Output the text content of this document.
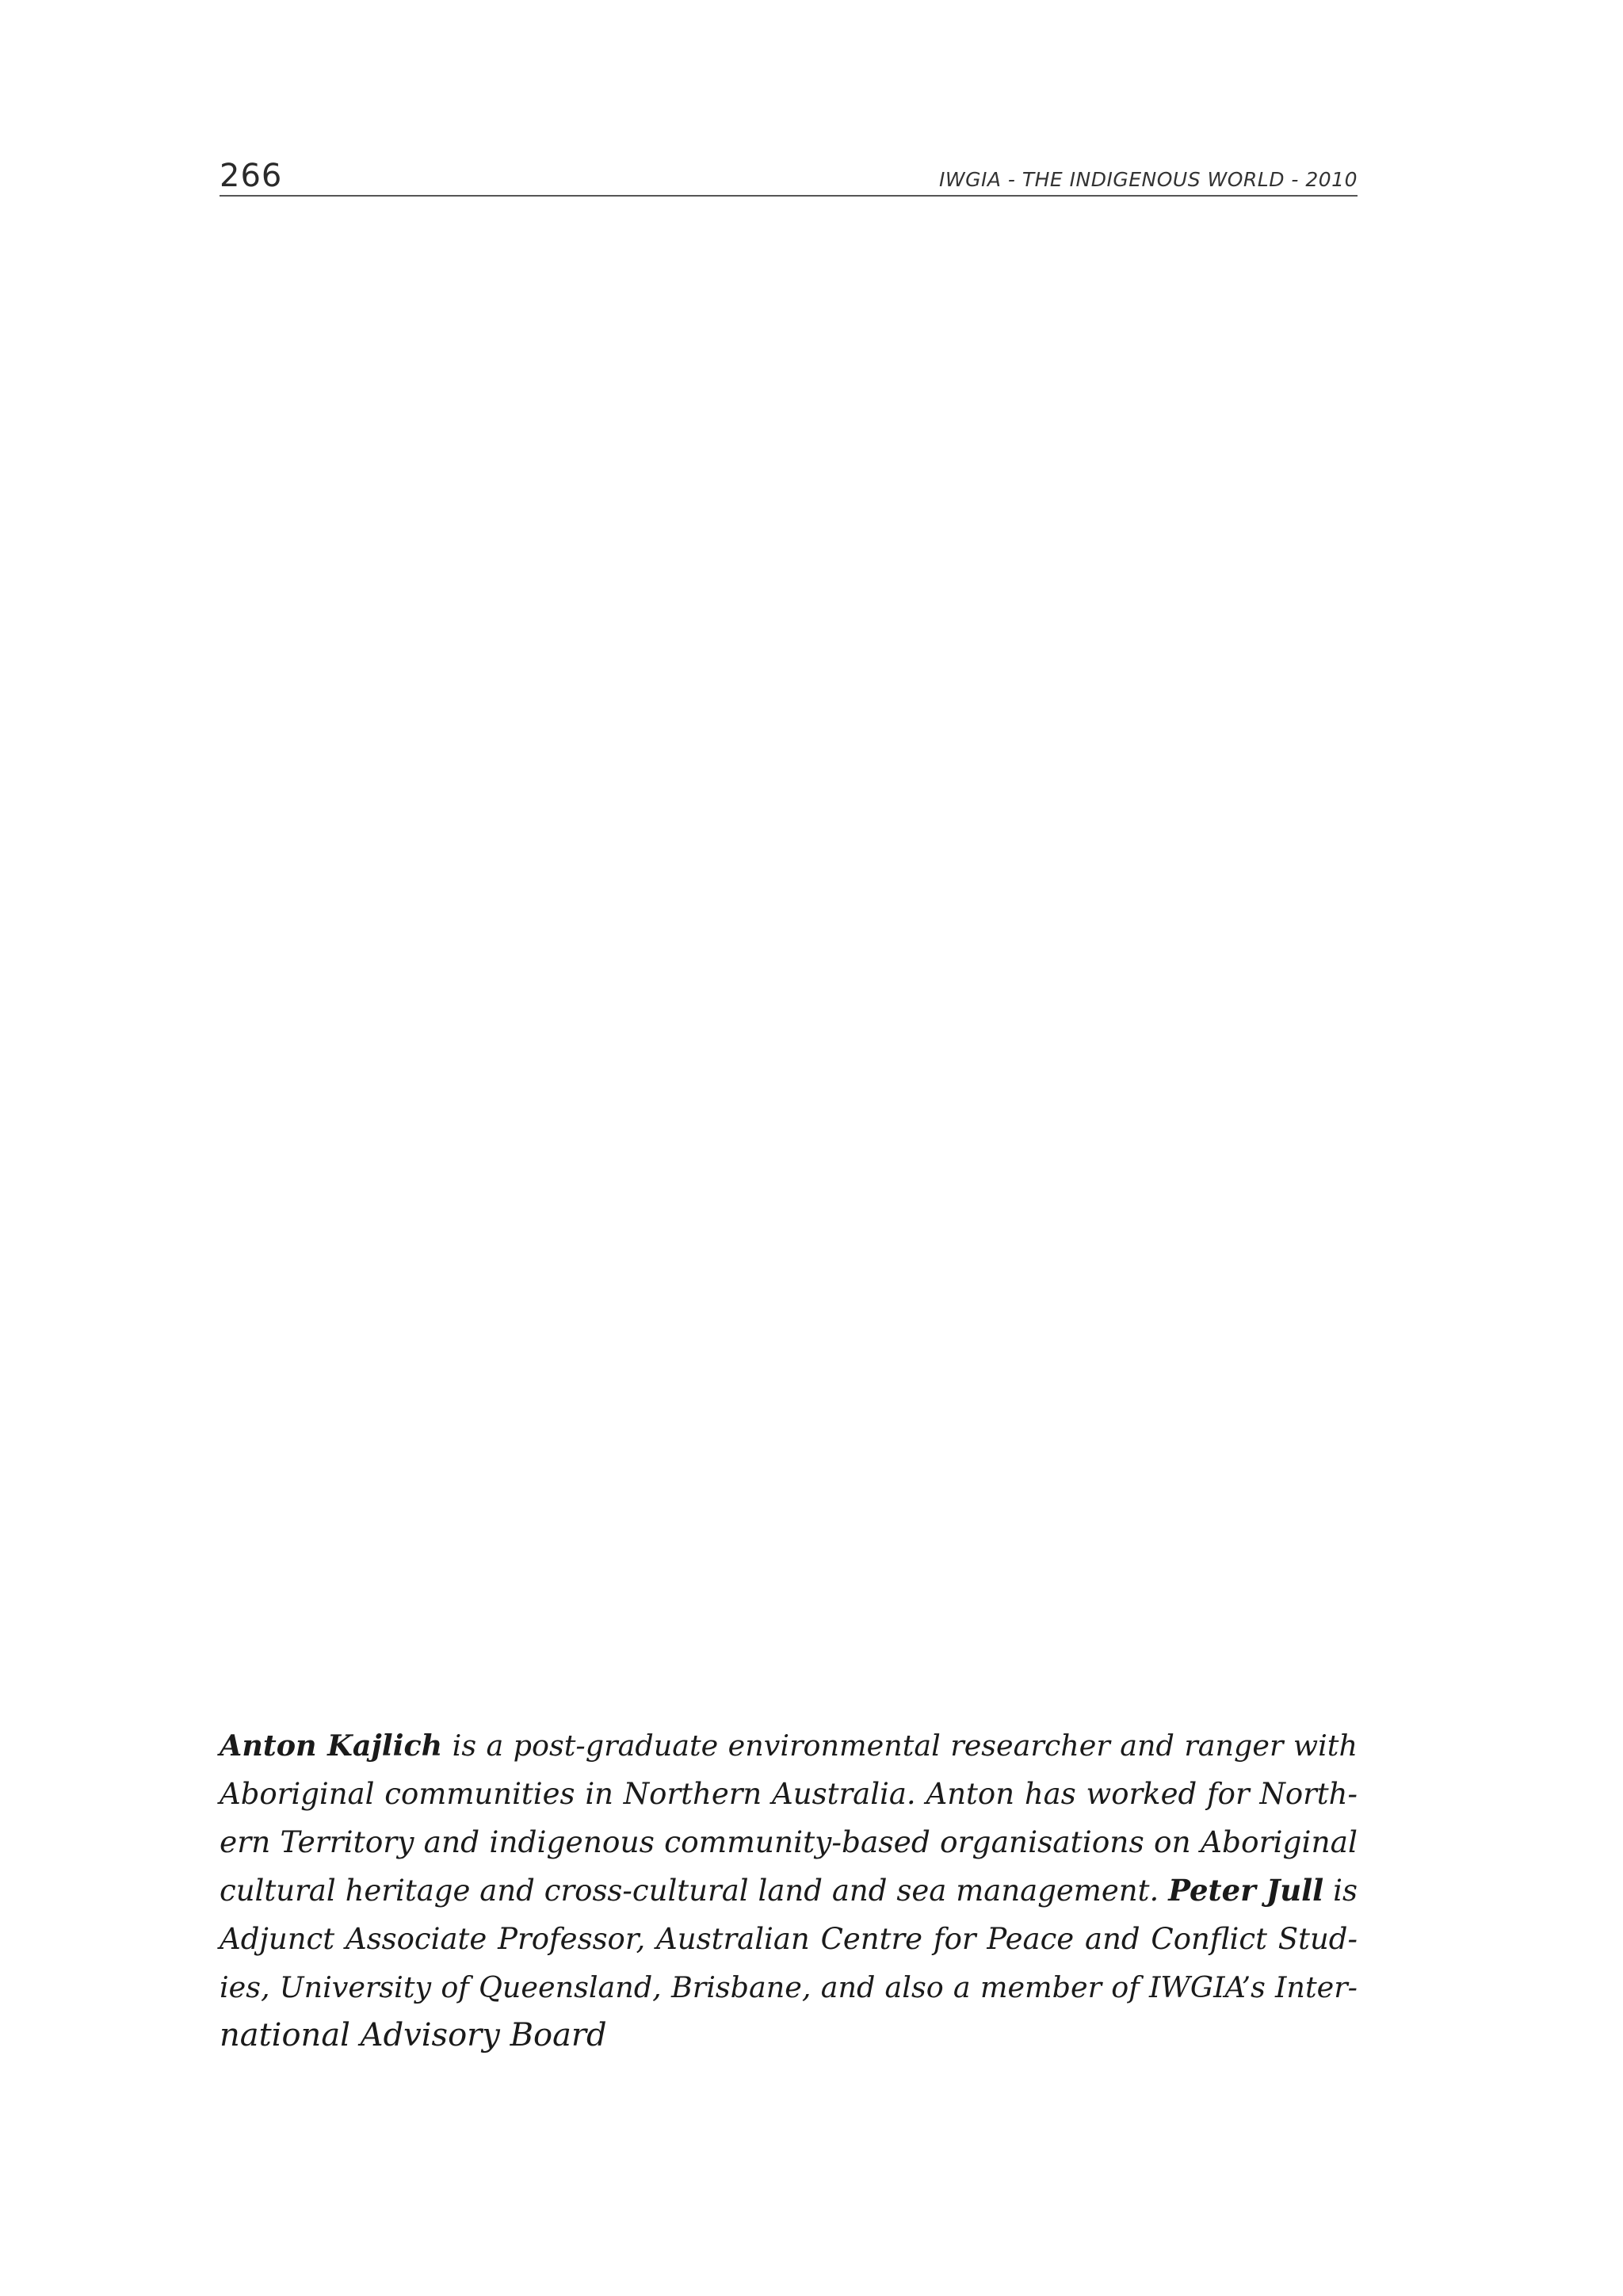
266	IWGIA - THE INDIGENOUS WORLD - 2010

Anton Kajlich is a post-graduate environmental researcher and ranger with
Aboriginal communities in Northern Australia. Anton has worked for North-
ern Territory and indigenous community-based organisations on Aboriginal
cultural heritage and cross-cultural land and sea management. Peter Jull is
Adjunct Associate Professor, Australian Centre for Peace and Conflict Stud-
ies, University of Queensland, Brisbane, and also a member of IWGIA’s Inter-
national Advisory Board
